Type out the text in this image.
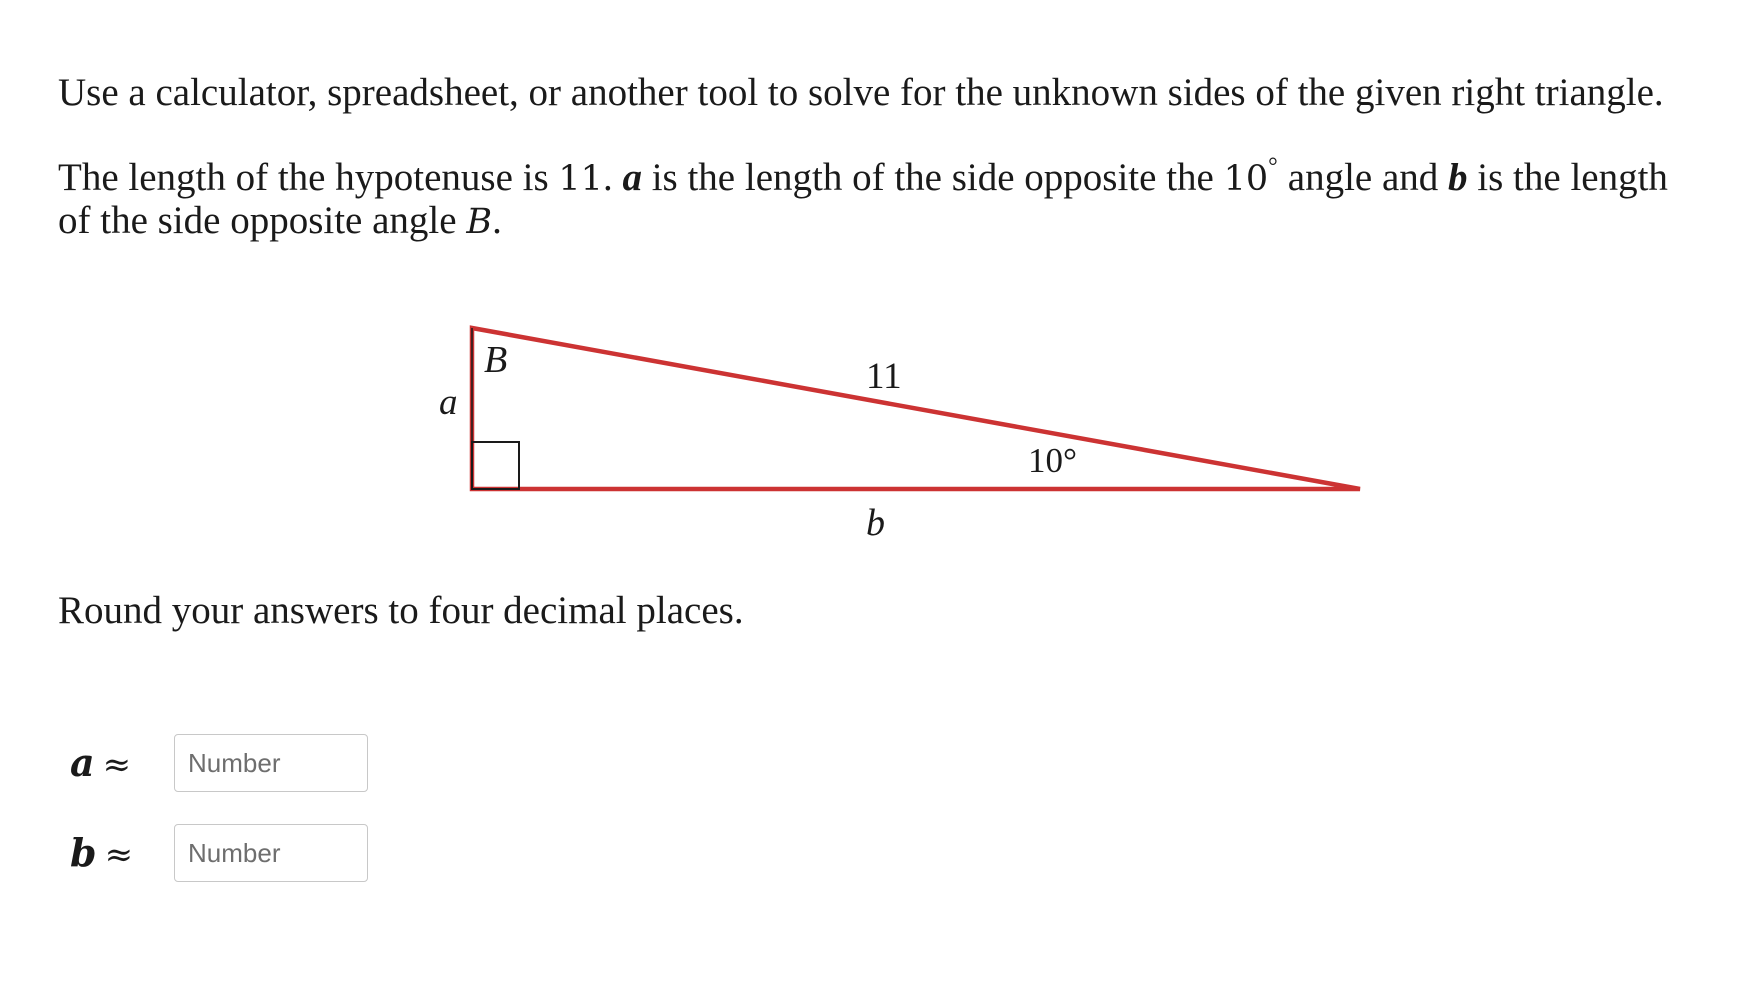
Use a calculator, spreadsheet, or another tool to solve for the unknown sides of the given right triangle.

The length of the hypotenuse is 11. a is the length of the side opposite the 10° angle and b is the length

of the side opposite angle B.

B
a
11
10°
b

Round your answers to four decimal places.

a ≈
Number
b ≈
Number
